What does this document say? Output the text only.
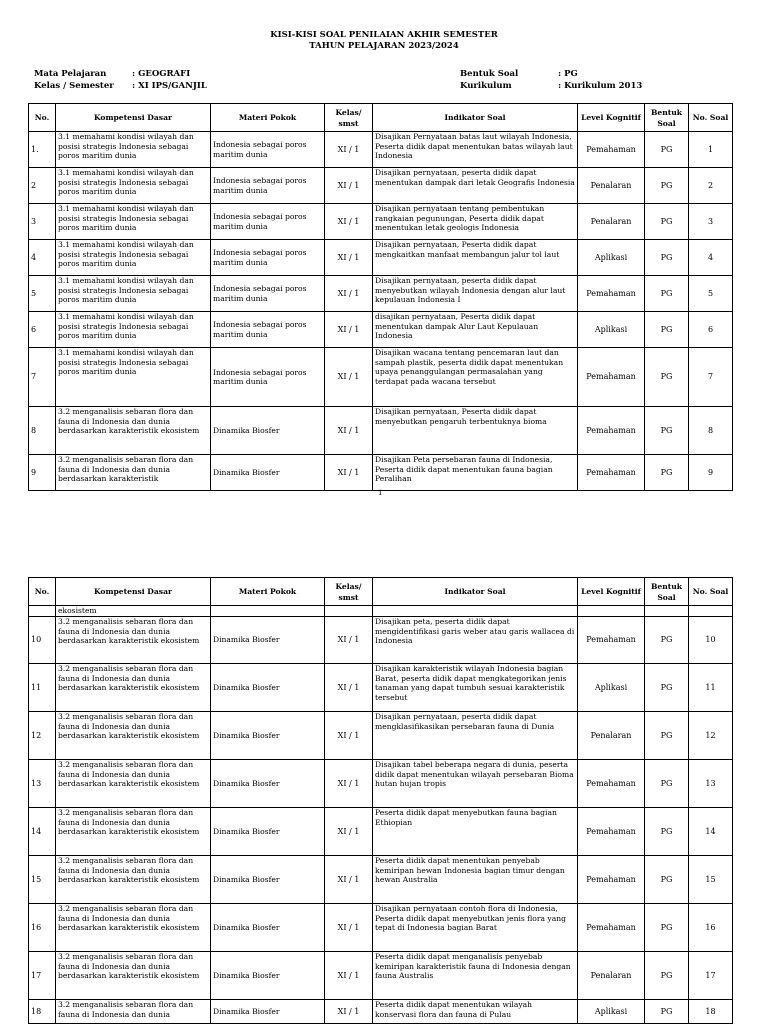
KISI-KISI SOAL PENILAIAN AKHIR SEMESTER
TAHUN PELAJARAN 2023/2024
Mata Pelajaran	: GEOGRAFI
Kelas / Semester : XI IPS/GANJIL
Bentuk Soal	: PG
Kurikulum	: Kurikulum 2013
No.	Kompetensi Dasar	Materi Pokok	Kelas/ smst	Indikator Soal	Level Kognitif	Bentuk Soal	No. Soal
1.	3.1 memahami kondisi wilayah dan posisi strategis Indonesia sebagai poros maritim dunia	Indonesia sebagai poros maritim dunia	XI / 1	Disajikan Pernyataan batas laut wilayah Indonesia, Peserta didik dapat menentukan batas wilayah laut Indonesia	Pemahaman	PG	1
2	3.1 memahami kondisi wilayah dan posisi strategis Indonesia sebagai poros maritim dunia	Indonesia sebagai poros maritim dunia	XI / 1	Disajikan pernyataan, peserta didik dapat menentukan dampak dari letak Geografis Indonesia	Penalaran	PG	2
3	3.1 memahami kondisi wilayah dan posisi strategis Indonesia sebagai poros maritim dunia	Indonesia sebagai poros maritim dunia	XI / 1	Disajikan pernyataan tentang pembentukan rangkaian pegunungan, Peserta didik dapat menentukan letak geologis Indonesia	Penalaran	PG	3
4	3.1 memahami kondisi wilayah dan posisi strategis Indonesia sebagai poros maritim dunia	Indonesia sebagai poros maritim dunia	XI / 1	Disajikan pernyataan, Peserta didik dapat mengkaitkan manfaat membangun jalur tol laut	Aplikasi	PG	4
5	3.1 memahami kondisi wilayah dan posisi strategis Indonesia sebagai poros maritim dunia	Indonesia sebagai poros maritim dunia	XI / 1	Disajikan pernyataan, peserta didik dapat menyebutkan wilayah Indonesia dengan alur laut kepulauan Indonesia I	Pemahaman	PG	5
6	3.1 memahami kondisi wilayah dan posisi strategis Indonesia sebagai poros maritim dunia	Indonesia sebagai poros maritim dunia	XI / 1	disajikan pernyataan, Peserta didik dapat menentukan dampak Alur Laut Kepulauan Indonesia	Aplikasi	PG	6
7	3.1 memahami kondisi wilayah dan posisi strategis Indonesia sebagai poros maritim dunia	Indonesia sebagai poros maritim dunia	XI / 1	Disajikan wacana tentang pencemaran laut dan sampah plastik, peserta didik dapat menentukan upaya penanggulangan permasalahan yang terdapat pada wacana tersebut	Pemahaman	PG	7
8	3.2 menganalisis sebaran flora dan fauna di Indonesia dan dunia berdasarkan karakteristik ekosistem	Dinamika Biosfer	XI / 1	Disajikan pernyataan, Peserta didik dapat menyebutkan pengaruh terbentuknya bioma	Pemahaman	PG	8
9	3.2 menganalisis sebaran flora dan fauna di Indonesia dan dunia berdasarkan karakteristik	Dinamika Biosfer	XI / 1	Disajikan Peta persebaran fauna di Indonesia, Peserta didik dapat menentukan fauna bagian Peralihan	Pemahaman	PG	9
1
No.	Kompetensi Dasar	Materi Pokok	Kelas/ smst	Indikator Soal	Level Kognitif	Bentuk Soal	No. Soal
	ekosistem						
10	3.2 menganalisis sebaran flora dan fauna di Indonesia dan dunia berdasarkan karakteristik ekosistem	Dinamika Biosfer	XI / 1	Disajikan peta, peserta didik dapat mengidentifikasi garis weber atau garis wallacea di Indonesia	Pemahaman	PG	10
11	3.2 menganalisis sebaran flora dan fauna di Indonesia dan dunia berdasarkan karakteristik ekosistem	Dinamika Biosfer	XI / 1	Disajikan karakteristik wilayah Indonesia bagian Barat, peserta didik dapat mengkategorikan jenis tanaman yang dapat tumbuh sesuai karakteristik tersebut	Aplikasi	PG	11
12	3.2 menganalisis sebaran flora dan fauna di Indonesia dan dunia berdasarkan karakteristik ekosistem	Dinamika Biosfer	XI / 1	Disajikan pernyataan, peserta didik dapat mengklasifikasikan persebaran fauna di Dunia	Penalaran	PG	12
13	3.2 menganalisis sebaran flora dan fauna di Indonesia dan dunia berdasarkan karakteristik ekosistem	Dinamika Biosfer	XI / 1	Disajikan tabel beberapa negara di dunia, peserta didik dapat menentukan wilayah persebaran Bioma hutan hujan tropis	Pemahaman	PG	13
14	3.2 menganalisis sebaran flora dan fauna di Indonesia dan dunia berdasarkan karakteristik ekosistem	Dinamika Biosfer	XI / 1	Peserta didik dapat menyebutkan fauna bagian Ethiopian	Pemahaman	PG	14
15	3.2 menganalisis sebaran flora dan fauna di Indonesia dan dunia berdasarkan karakteristik ekosistem	Dinamika Biosfer	XI / 1	Peserta didik dapat menentukan penyebab kemiripan hewan Indonesia bagian timur dengan hewan Australia	Pemahaman	PG	15
16	3.2 menganalisis sebaran flora dan fauna di Indonesia dan dunia berdasarkan karakteristik ekosistem	Dinamika Biosfer	XI / 1	Disajikan pernyataan contoh flora di Indonesia, Peserta didik dapat menyebutkan jenis flora yang tepat di Indonesia bagian Barat	Pemahaman	PG	16
17	3.2 menganalisis sebaran flora dan fauna di Indonesia dan dunia berdasarkan karakteristik ekosistem	Dinamika Biosfer	XI / 1	Peserta didik dapat menganalisis penyebab kemiripan karakteristik fauna di Indonesia dengan fauna Australis	Penalaran	PG	17
18	3.2 menganalisis sebaran flora dan fauna di Indonesia dan dunia	Dinamika Biosfer	XI / 1	Peserta didik dapat menentukan wilayah konservasi flora dan fauna di Pulau	Aplikasi	PG	18
